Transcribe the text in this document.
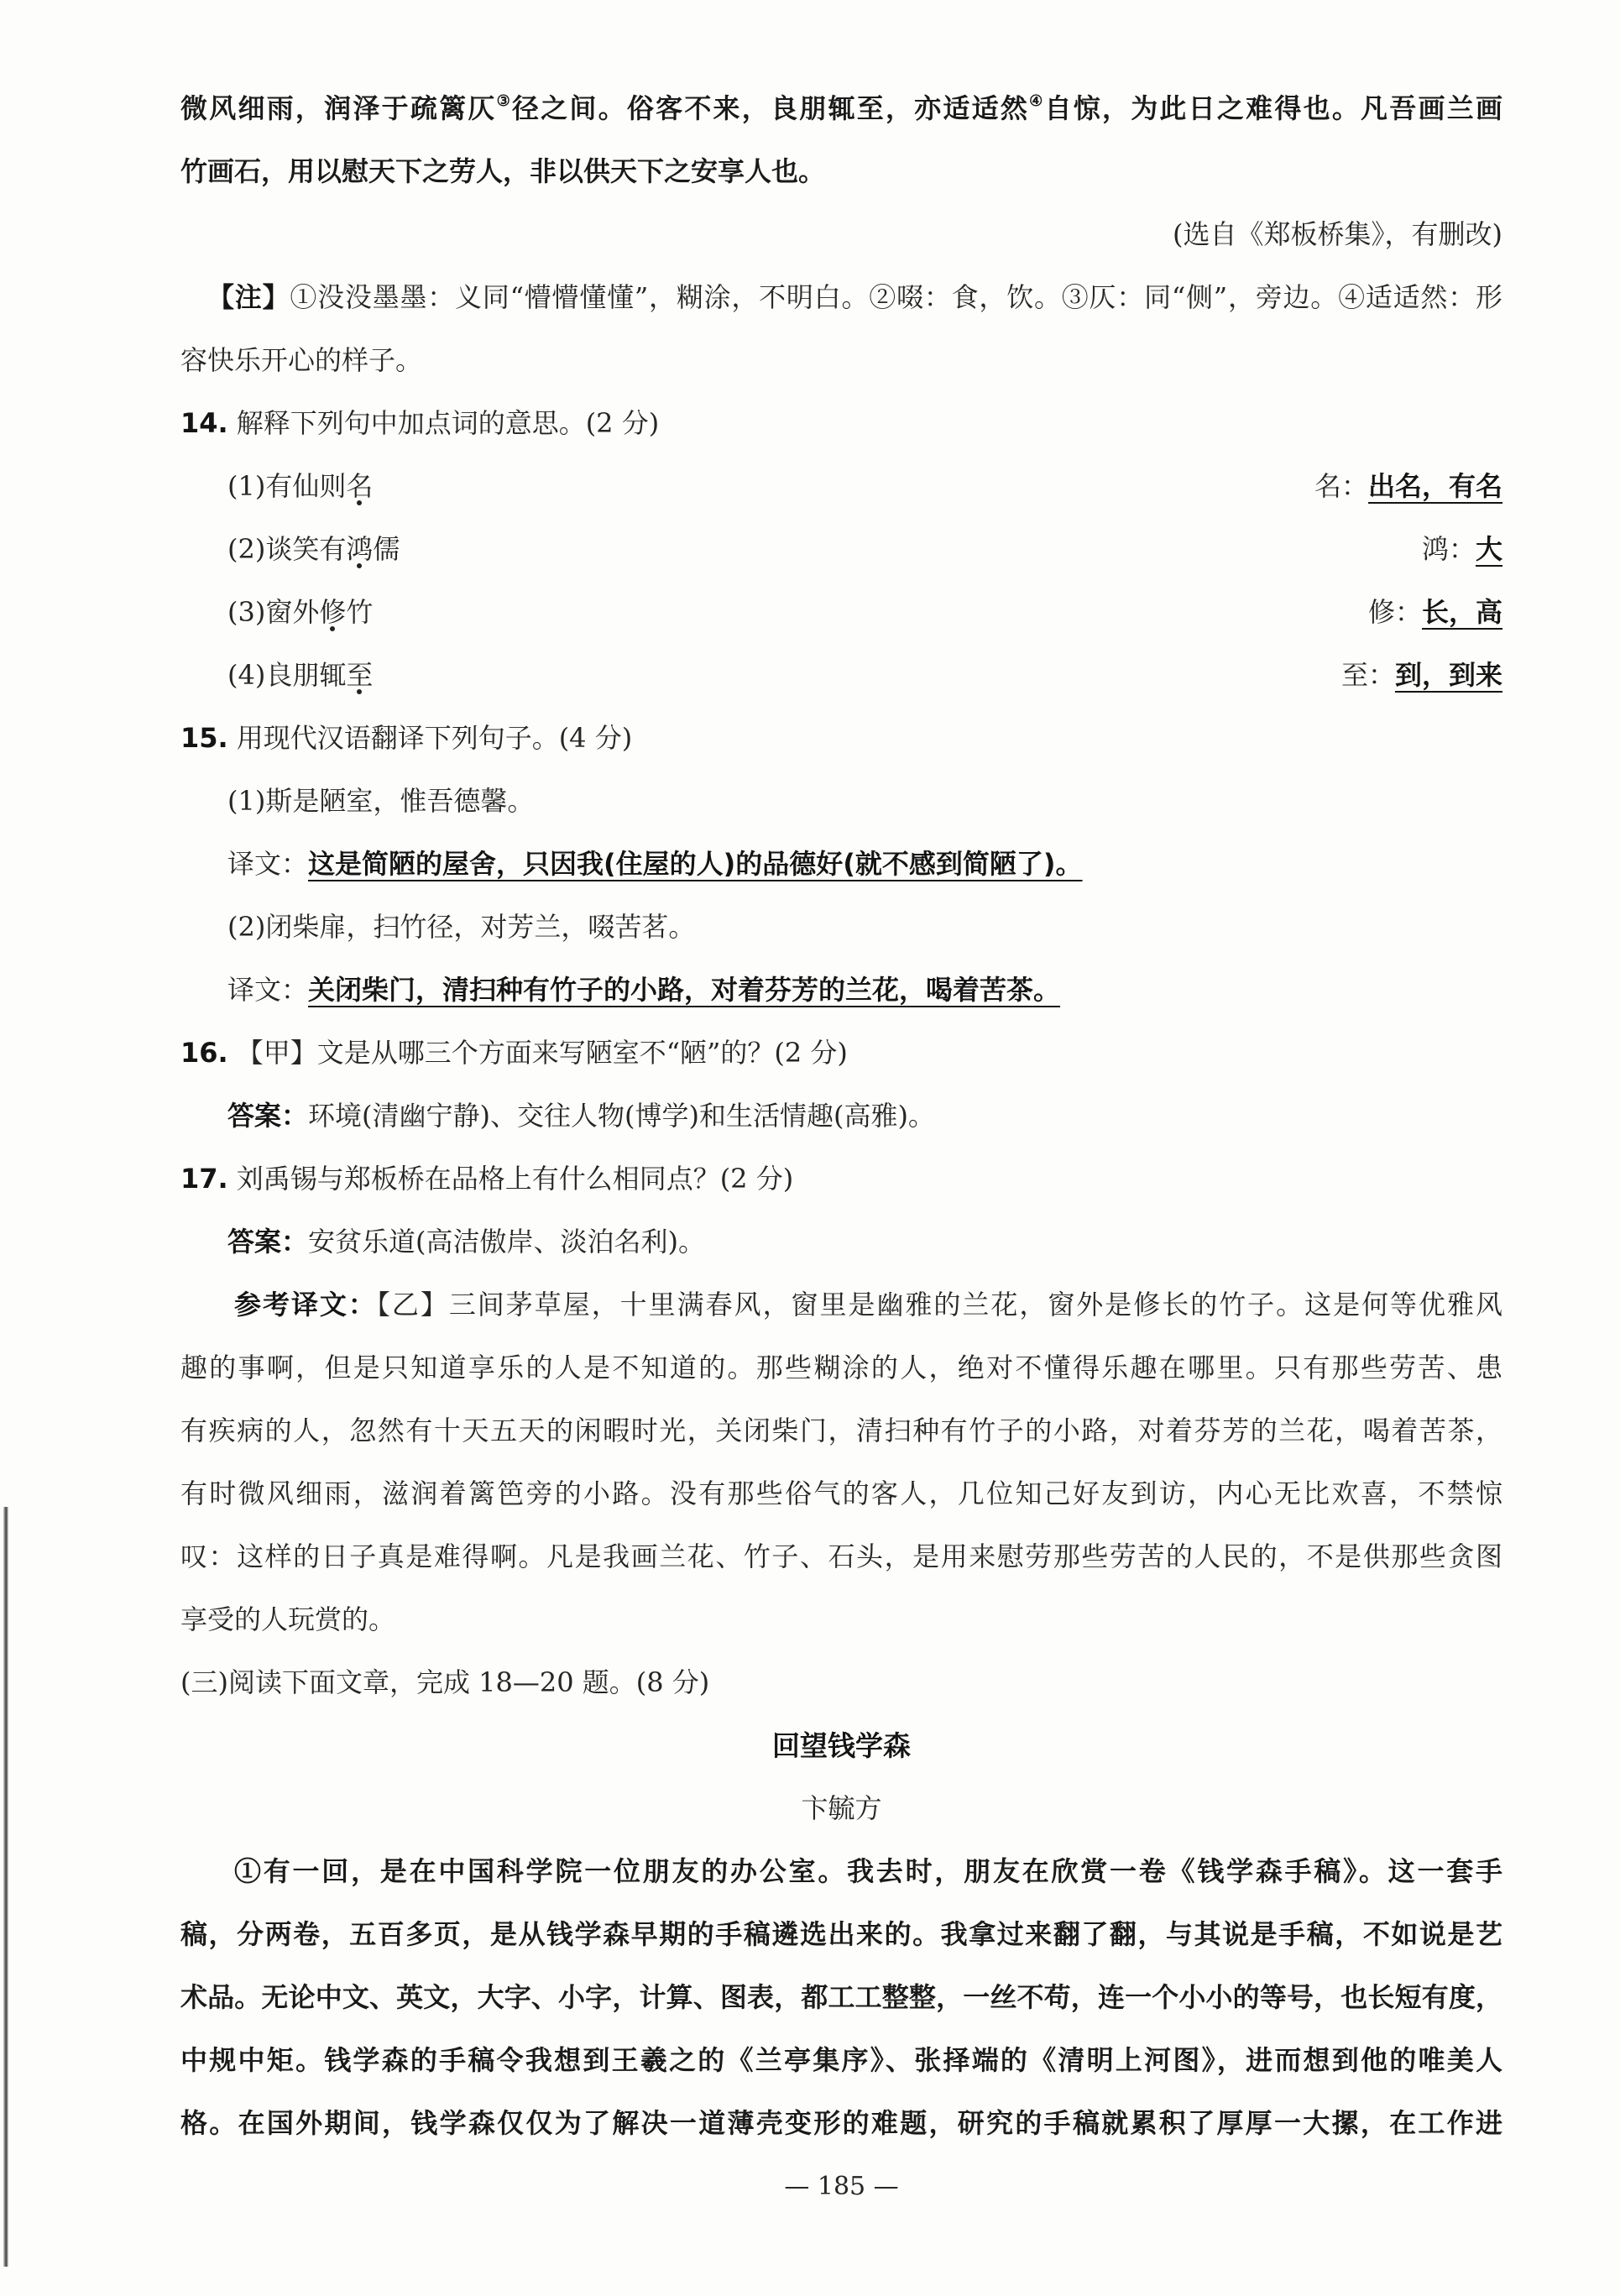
微风细雨，润泽于疏篱仄③径之间。俗客不来，良朋辄至，亦适适然④自惊，为此日之难得也。凡吾画兰画
竹画石，用以慰天下之劳人，非以供天下之安享人也。
(选自《郑板桥集》，有删改)
【注】①没没墨墨：义同“懵懵懂懂”，糊涂，不明白。②啜：食，饮。③仄：同“侧”，旁边。④适适然：形
容快乐开心的样子。
14. 解释下列句中加点词的意思。(2 分)
(1)有仙则名	名：出名，有名
(2)谈笑有鸿儒	鸿：大
(3)窗外修竹	修：长，高
(4)良朋辄至	至：到，到来
15. 用现代汉语翻译下列句子。(4 分)
(1)斯是陋室，惟吾德馨。
译文：这是简陋的屋舍，只因我(住屋的人)的品德好(就不感到简陋了)。
(2)闭柴扉，扫竹径，对芳兰，啜苦茗。
译文：关闭柴门，清扫种有竹子的小路，对着芬芳的兰花，喝着苦茶。
16. 【甲】文是从哪三个方面来写陋室不“陋”的？(2 分)
答案：环境(清幽宁静)、交往人物(博学)和生活情趣(高雅)。
17. 刘禹锡与郑板桥在品格上有什么相同点？(2 分)
答案：安贫乐道(高洁傲岸、淡泊名利)。
参考译文：【乙】三间茅草屋，十里满春风，窗里是幽雅的兰花，窗外是修长的竹子。这是何等优雅风
趣的事啊，但是只知道享乐的人是不知道的。那些糊涂的人，绝对不懂得乐趣在哪里。只有那些劳苦、患
有疾病的人，忽然有十天五天的闲暇时光，关闭柴门，清扫种有竹子的小路，对着芬芳的兰花，喝着苦茶，
有时微风细雨，滋润着篱笆旁的小路。没有那些俗气的客人，几位知己好友到访，内心无比欢喜，不禁惊
叹：这样的日子真是难得啊。凡是我画兰花、竹子、石头，是用来慰劳那些劳苦的人民的，不是供那些贪图
享受的人玩赏的。
(三)阅读下面文章，完成 18—20 题。(8 分)
回望钱学森
卞毓方
①有一回，是在中国科学院一位朋友的办公室。我去时，朋友在欣赏一卷《钱学森手稿》。这一套手
稿，分两卷，五百多页，是从钱学森早期的手稿遴选出来的。我拿过来翻了翻，与其说是手稿，不如说是艺
术品。无论中文、英文，大字、小字，计算、图表，都工工整整，一丝不苟，连一个小小的等号，也长短有度，
中规中矩。钱学森的手稿令我想到王羲之的《兰亭集序》、张择端的《清明上河图》，进而想到他的唯美人
格。在国外期间，钱学森仅仅为了解决一道薄壳变形的难题，研究的手稿就累积了厚厚一大摞，在工作进
— 185 —
